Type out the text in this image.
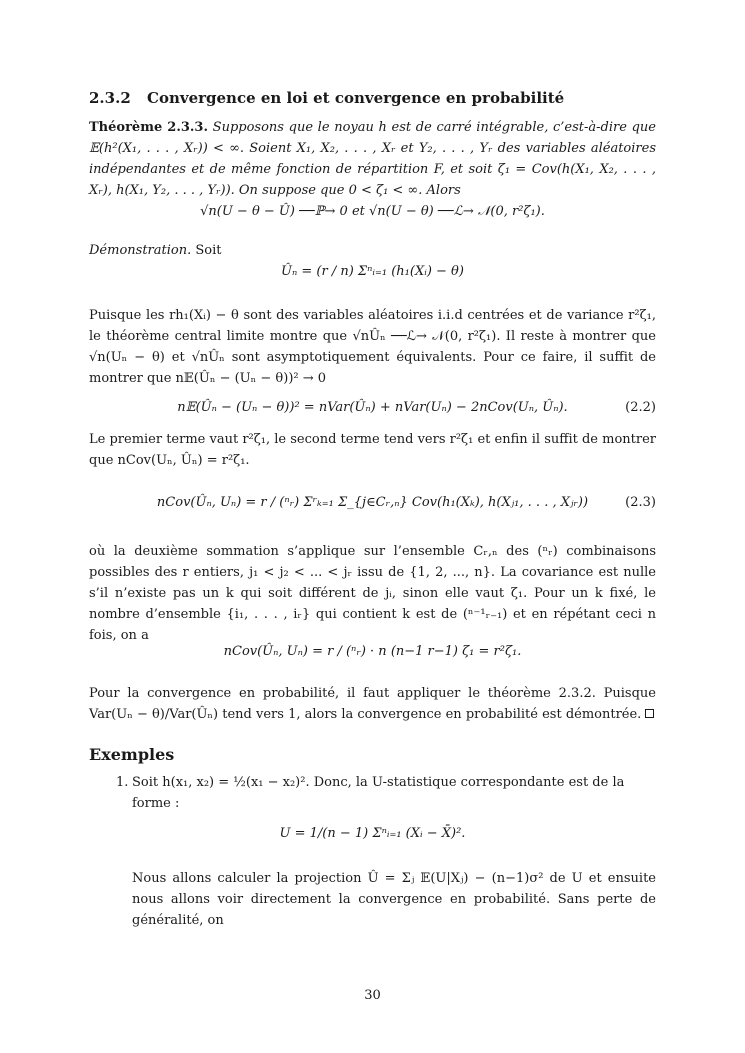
2.3.2 Convergence en loi et convergence en probabilité
Théorème 2.3.3. Supposons que le noyau h est de carré intégrable, c’est-à-dire que 𝔼(h²(X₁, . . . , Xᵣ)) < ∞. Soient X₁, X₂, . . . , Xᵣ et Y₂, . . . , Yᵣ des variables aléatoires indépendantes et de même fonction de répartition F, et soit ζ₁ = Cov(h(X₁, X₂, . . . , Xᵣ), h(X₁, Y₂, . . . , Yᵣ)). On suppose que 0 < ζ₁ < ∞. Alors
√n(U − θ − Û) ──ℙ→ 0 et √n(U − θ) ──ℒ→ 𝒩(0, r²ζ₁).
Démonstration. Soit
Ûₙ = (r / n) Σⁿᵢ₌₁ (h₁(Xᵢ) − θ)
Puisque les rh₁(Xᵢ) − θ sont des variables aléatoires i.i.d centrées et de variance r²ζ₁, le théorème central limite montre que √nÛₙ ──ℒ→ 𝒩(0, r²ζ₁). Il reste à montrer que √n(Uₙ − θ) et √nÛₙ sont asymptotiquement équivalents. Pour ce faire, il suffit de montrer que n𝔼(Ûₙ − (Uₙ − θ))² → 0
n𝔼(Ûₙ − (Uₙ − θ))² = nVar(Ûₙ) + nVar(Uₙ) − 2nCov(Uₙ, Ûₙ).	(2.2)
Le premier terme vaut r²ζ₁, le second terme tend vers r²ζ₁ et enfin il suffit de montrer que nCov(Uₙ, Ûₙ) = r²ζ₁.
nCov(Ûₙ, Uₙ) = r / (ⁿᵣ) Σʳₖ₌₁ Σ_{j∈Cᵣ,ₙ} Cov(h₁(Xₖ), h(Xⱼ₁, . . . , Xⱼᵣ))	(2.3)
où la deuxième sommation s’applique sur l’ensemble Cᵣ,ₙ des (ⁿᵣ) combinaisons possibles des r entiers, j₁ < j₂ < ... < jᵣ issu de {1, 2, ..., n}. La covariance est nulle s’il n’existe pas un k qui soit différent de jᵢ, sinon elle vaut ζ₁. Pour un k fixé, le nombre d’ensemble {i₁, . . . , iᵣ} qui contient k est de (ⁿ⁻¹ᵣ₋₁) et en répétant ceci n fois, on a
nCov(Ûₙ, Uₙ) = r / (ⁿᵣ) · n (n−1 r−1) ζ₁ = r²ζ₁.
Pour la convergence en probabilité, il faut appliquer le théorème 2.3.2. Puisque Var(Uₙ − θ)/Var(Ûₙ) tend vers 1, alors la convergence en probabilité est démontrée.
Exemples
1. Soit h(x₁, x₂) = ½(x₁ − x₂)². Donc, la U-statistique correspondante est de la forme :
U = 1/(n − 1) Σⁿᵢ₌₁ (Xᵢ − X̄)².
Nous allons calculer la projection Û = Σⱼ 𝔼(U|Xⱼ) − (n−1)σ² de U et ensuite nous allons voir directement la convergence en probabilité. Sans perte de généralité, on
30
